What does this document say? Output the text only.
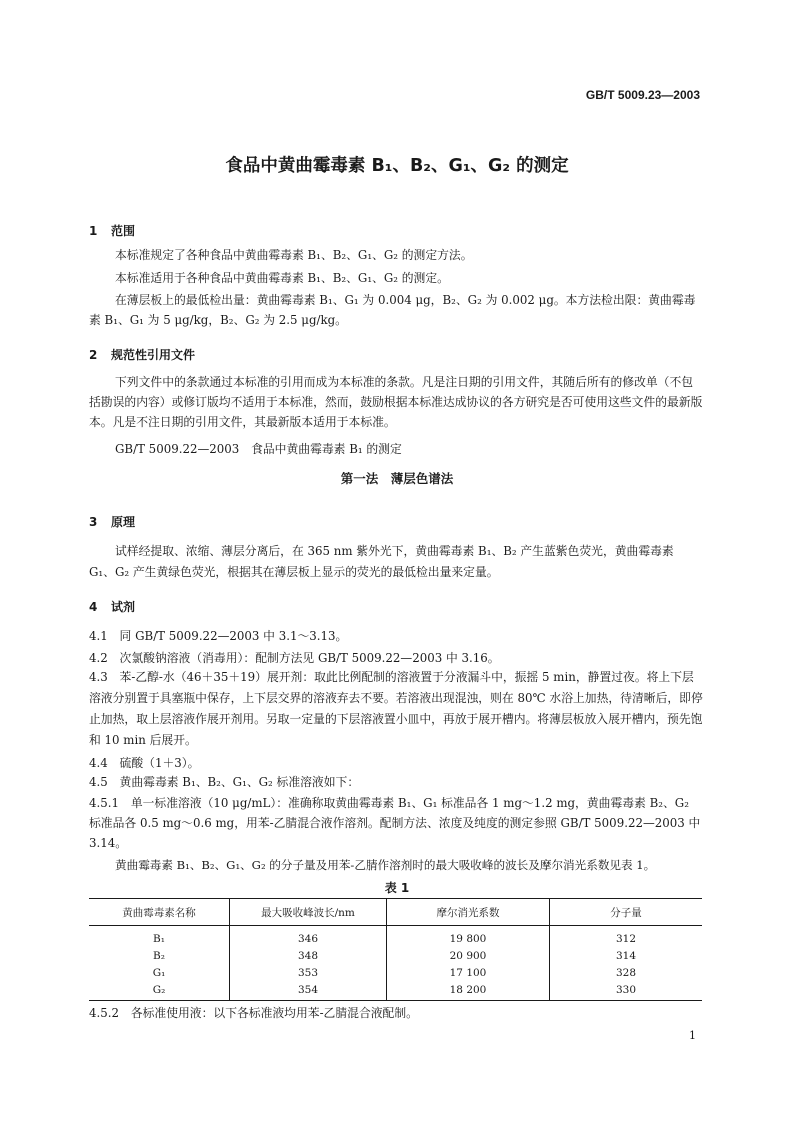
GB/T 5009.23—2003
食品中黄曲霉毒素 B₁、B₂、G₁、G₂ 的测定
1 范围
本标准规定了各种食品中黄曲霉毒素 B₁、B₂、G₁、G₂ 的测定方法。
本标准适用于各种食品中黄曲霉毒素 B₁、B₂、G₁、G₂ 的测定。
在薄层板上的最低检出量：黄曲霉毒素 B₁、G₁ 为 0.004 μg，B₂、G₂ 为 0.002 μg。本方法检出限：黄曲霉毒素 B₁、G₁ 为 5 μg/kg，B₂、G₂ 为 2.5 μg/kg。
2 规范性引用文件
下列文件中的条款通过本标准的引用而成为本标准的条款。凡是注日期的引用文件，其随后所有的修改单（不包括勘误的内容）或修订版均不适用于本标准，然而，鼓励根据本标准达成协议的各方研究是否可使用这些文件的最新版本。凡是不注日期的引用文件，其最新版本适用于本标准。
GB/T 5009.22—2003　食品中黄曲霉毒素 B₁ 的测定
第一法　薄层色谱法
3 原理
试样经提取、浓缩、薄层分离后，在 365 nm 紫外光下，黄曲霉毒素 B₁、B₂ 产生蓝紫色荧光，黄曲霉毒素 G₁、G₂ 产生黄绿色荧光，根据其在薄层板上显示的荧光的最低检出量来定量。
4 试剂
4.1　同 GB/T 5009.22—2003 中 3.1～3.13。
4.2　次氯酸钠溶液（消毒用）：配制方法见 GB/T 5009.22—2003 中 3.16。
4.3　苯-乙醇-水（46＋35＋19）展开剂：取此比例配制的溶液置于分液漏斗中，振摇 5 min，静置过夜。将上下层溶液分别置于具塞瓶中保存，上下层交界的溶液弃去不要。若溶液出现混浊，则在 80℃ 水浴上加热，待清晰后，即停止加热，取上层溶液作展开剂用。另取一定量的下层溶液置小皿中，再放于展开槽内。将薄层板放入展开槽内，预先饱和 10 min 后展开。
4.4　硫酸（1＋3）。
4.5　黄曲霉毒素 B₁、B₂、G₁、G₂ 标准溶液如下：
4.5.1　单一标准溶液（10 μg/mL）：准确称取黄曲霉毒素 B₁、G₁ 标准品各 1 mg～1.2 mg，黄曲霉毒素 B₂、G₂ 标准品各 0.5 mg～0.6 mg，用苯-乙腈混合液作溶剂。配制方法、浓度及纯度的测定参照 GB/T 5009.22—2003 中 3.14。
黄曲霉毒素 B₁、B₂、G₁、G₂ 的分子量及用苯-乙腈作溶剂时的最大吸收峰的波长及摩尔消光系数见表 1。
表 1
黄曲霉毒素名称	最大吸收峰波长/nm	摩尔消光系数	分子量
B₁	346	19 800	312
B₂	348	20 900	314
G₁	353	17 100	328
G₂	354	18 200	330
4.5.2　各标准使用液：以下各标准液均用苯-乙腈混合液配制。
1
